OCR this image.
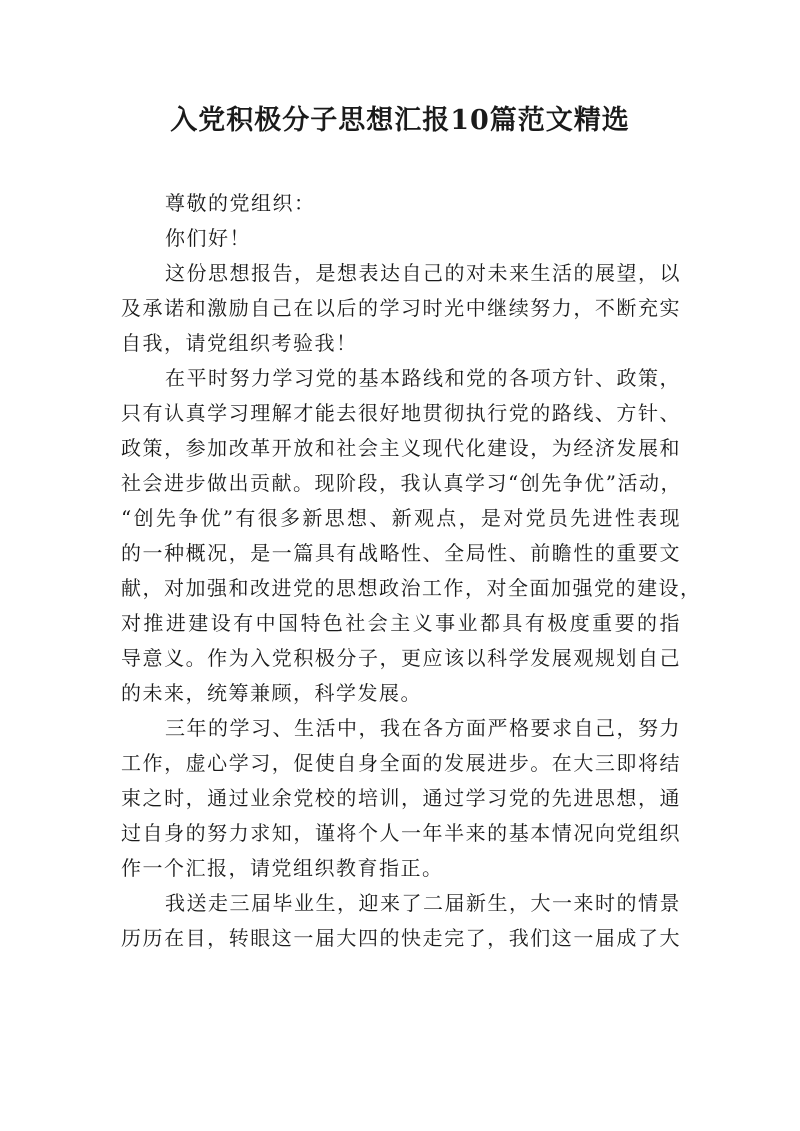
入党积极分子思想汇报10篇范文精选

尊敬的党组织：

你们好！

这份思想报告，是想表达自己的对未来生活的展望，以

及承诺和激励自己在以后的学习时光中继续努力，不断充实

自我，请党组织考验我！

在平时努力学习党的基本路线和党的各项方针、政策，

只有认真学习理解才能去很好地贯彻执行党的路线、方针、

政策，参加改革开放和社会主义现代化建设，为经济发展和

社会进步做出贡献。现阶段，我认真学习“创先争优”活动，

“创先争优”有很多新思想、新观点，是对党员先进性表现

的一种概况，是一篇具有战略性、全局性、前瞻性的重要文

献，对加强和改进党的思想政治工作，对全面加强党的建设，

对推进建设有中国特色社会主义事业都具有极度重要的指

导意义。作为入党积极分子，更应该以科学发展观规划自己

的未来，统筹兼顾，科学发展。

三年的学习、生活中，我在各方面严格要求自己，努力

工作，虚心学习，促使自身全面的发展进步。在大三即将结

束之时，通过业余党校的培训，通过学习党的先进思想，通

过自身的努力求知，谨将个人一年半来的基本情况向党组织

作一个汇报，请党组织教育指正。

我送走三届毕业生，迎来了二届新生，大一来时的情景

历历在目，转眼这一届大四的快走完了，我们这一届成了大
